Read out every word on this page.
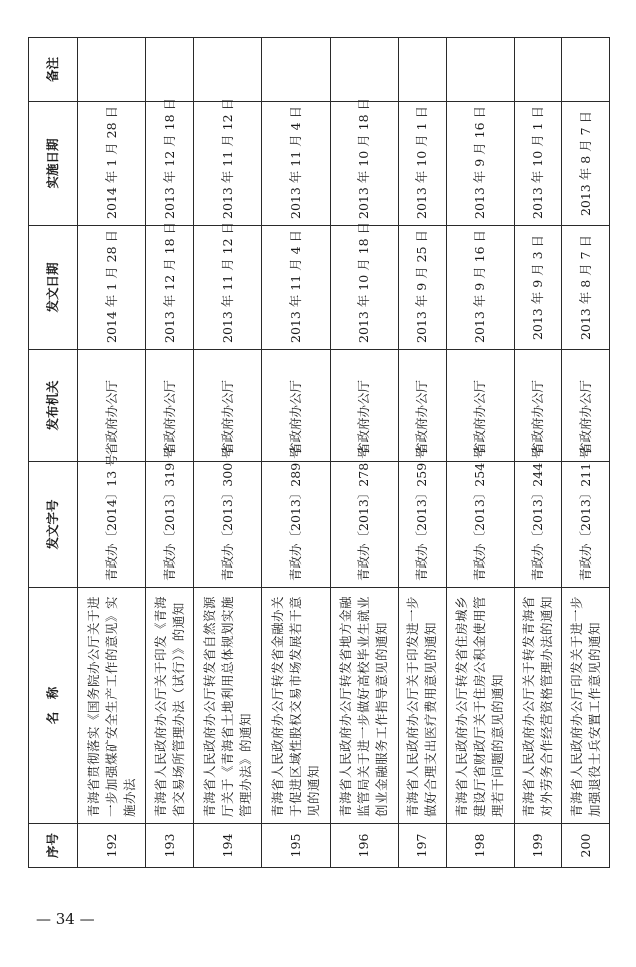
序号	名　称	发文字号	发布机关	发文日期	实施日期	备注
192	青海省贯彻落实《国务院办公厅关于进一步加强煤矿安全生产工作的意见》实施办法	青政办〔2014〕13 号	省政府办公厅	2014 年 1 月 28 日	2014 年 1 月 28 日	
193	青海省人民政府办公厅关于印发《青海省交易场所管理办法（试行）》的通知	青政办〔2013〕319 号	省政府办公厅	2013 年 12 月 18 日	2013 年 12 月 18 日	
194	青海省人民政府办公厅转发省自然资源厅关于《青海省土地利用总体规划实施管理办法》的通知	青政办〔2013〕300 号	省政府办公厅	2013 年 11 月 12 日	2013 年 11 月 12 日	
195	青海省人民政府办公厅转发省金融办关于促进区域性股权交易市场发展若干意见的通知	青政办〔2013〕289 号	省政府办公厅	2013 年 11 月 4 日	2013 年 11 月 4 日	
196	青海省人民政府办公厅转发省地方金融监管局关于进一步做好高校毕业生就业创业金融服务工作指导意见的通知	青政办〔2013〕278 号	省政府办公厅	2013 年 10 月 18 日	2013 年 10 月 18 日	
197	青海省人民政府办公厅关于印发进一步做好合理支出医疗费用意见的通知	青政办〔2013〕259 号	省政府办公厅	2013 年 9 月 25 日	2013 年 10 月 1 日	
198	青海省人民政府办公厅转发省住房城乡建设厅省财政厅关于住房公积金使用管理若干问题的意见的通知	青政办〔2013〕254 号	省政府办公厅	2013 年 9 月 16 日	2013 年 9 月 16 日	
199	青海省人民政府办公厅关于转发青海省对外劳务合作经营资格管理办法的通知	青政办〔2013〕244 号	省政府办公厅	2013 年 9 月 3 日	2013 年 10 月 1 日	
200	青海省人民政府办公厅印发关于进一步加强退役士兵安置工作意见的通知	青政办〔2013〕211 号	省政府办公厅	2013 年 8 月 7 日	2013 年 8 月 7 日	
— 34 —
